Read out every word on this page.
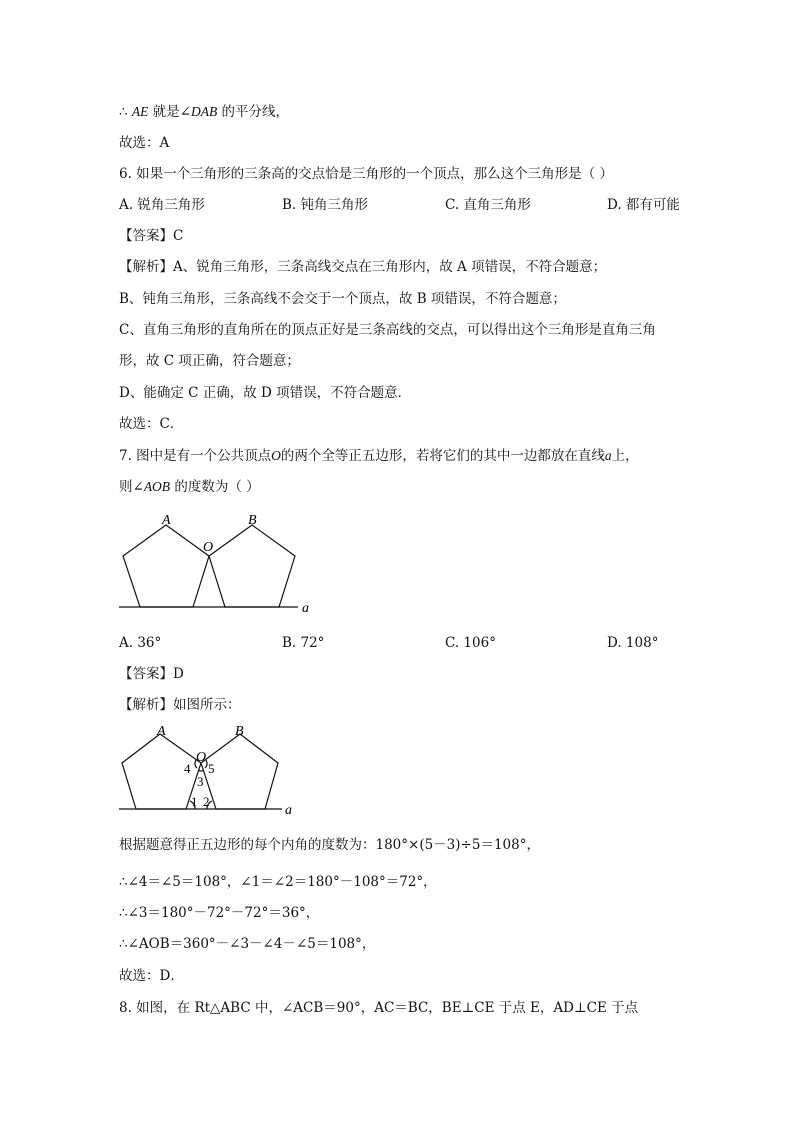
∴ AE 就是∠DAB 的平分线，
故选：A
6. 如果一个三角形的三条高的交点恰是三角形的一个顶点，那么这个三角形是（ ）
A. 锐角三角形	B. 钝角三角形	C. 直角三角形	D. 都有可能
【答案】C
【解析】A、锐角三角形，三条高线交点在三角形内，故 A 项错误，不符合题意；
B、钝角三角形，三条高线不会交于一个顶点，故 B 项错误，不符合题意；
C、直角三角形的直角所在的顶点正好是三条高线的交点，可以得出这个三角形是直角三角
形，故 C 项正确，符合题意；
D、能确定 C 正确，故 D 项错误，不符合题意．
故选：C．
7. 图中是有一个公共顶点O的两个全等正五边形，若将它们的其中一边都放在直线a上，
则∠AOB 的度数为（ ）
A	B
O
a
A. 36°	B. 72°	C. 106°	D. 108°
【答案】D
【解析】如图所示：
A	B
O
4 5
3
1 2
a
根据题意得正五边形的每个内角的度数为：180°×(5－3)÷5＝108°，
∴∠4＝∠5＝108°，∠1＝∠2＝180°－108°＝72°，
∴∠3＝180°－72°－72°＝36°，
∴∠AOB＝360°－∠3－∠4－∠5＝108°，
故选：D．
8. 如图，在 Rt△ABC 中，∠ACB＝90°，AC＝BC，BE⊥CE 于点 E，AD⊥CE 于点
